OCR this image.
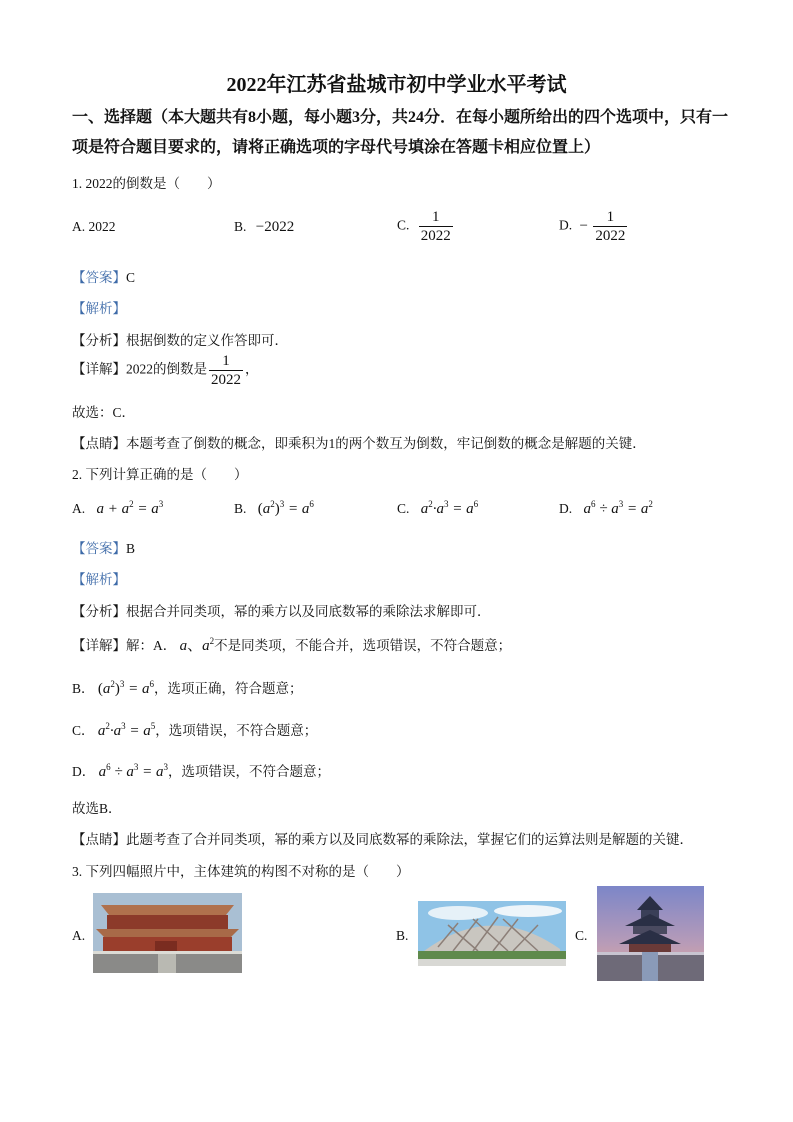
2022年江苏省盐城市初中学业水平考试
一、选择题（本大题共有8小题，每小题3分，共24分．在每小题所给出的四个选项中，只有一项是符合题目要求的，请将正确选项的字母代号填涂在答题卡相应位置上）
1. 2022的倒数是（　　）
A. 2022	B. −2022	C. $\frac{1}{2022}$	D. − $\frac{1}{2022}$
【答案】C
【解析】
【分析】根据倒数的定义作答即可．
【详解】2022的倒数是 $\frac{1}{2022}$ ，
故选：C．
【点睛】本题考查了倒数的概念，即乘积为1的两个数互为倒数，牢记倒数的概念是解题的关键．
2. 下列计算正确的是（　　）
A. $a + a^2 = a^3$	B. $(a^2)^3 = a^6$	C. $a^2\cdot a^3 = a^6$	D. $a^6 \div a^3 = a^2$
【答案】B
【解析】
【分析】根据合并同类项，幂的乘方以及同底数幂的乘除法求解即可．
【详解】解：A． a、$a^2$不是同类项，不能合并，选项错误，不符合题意；
B． $(a^2)^3 = a^6$，选项正确，符合题意；
C． $a^2\cdot a^3 = a^5$，选项错误，不符合题意；
D． $a^6 \div a^3 = a^3$，选项错误，不符合题意；
故选B．
【点睛】此题考查了合并同类项，幂的乘方以及同底数幂的乘除法，掌握它们的运算法则是解题的关键．
3. 下列四幅照片中，主体建筑的构图不对称的是（　　）
A.	B.	C.
